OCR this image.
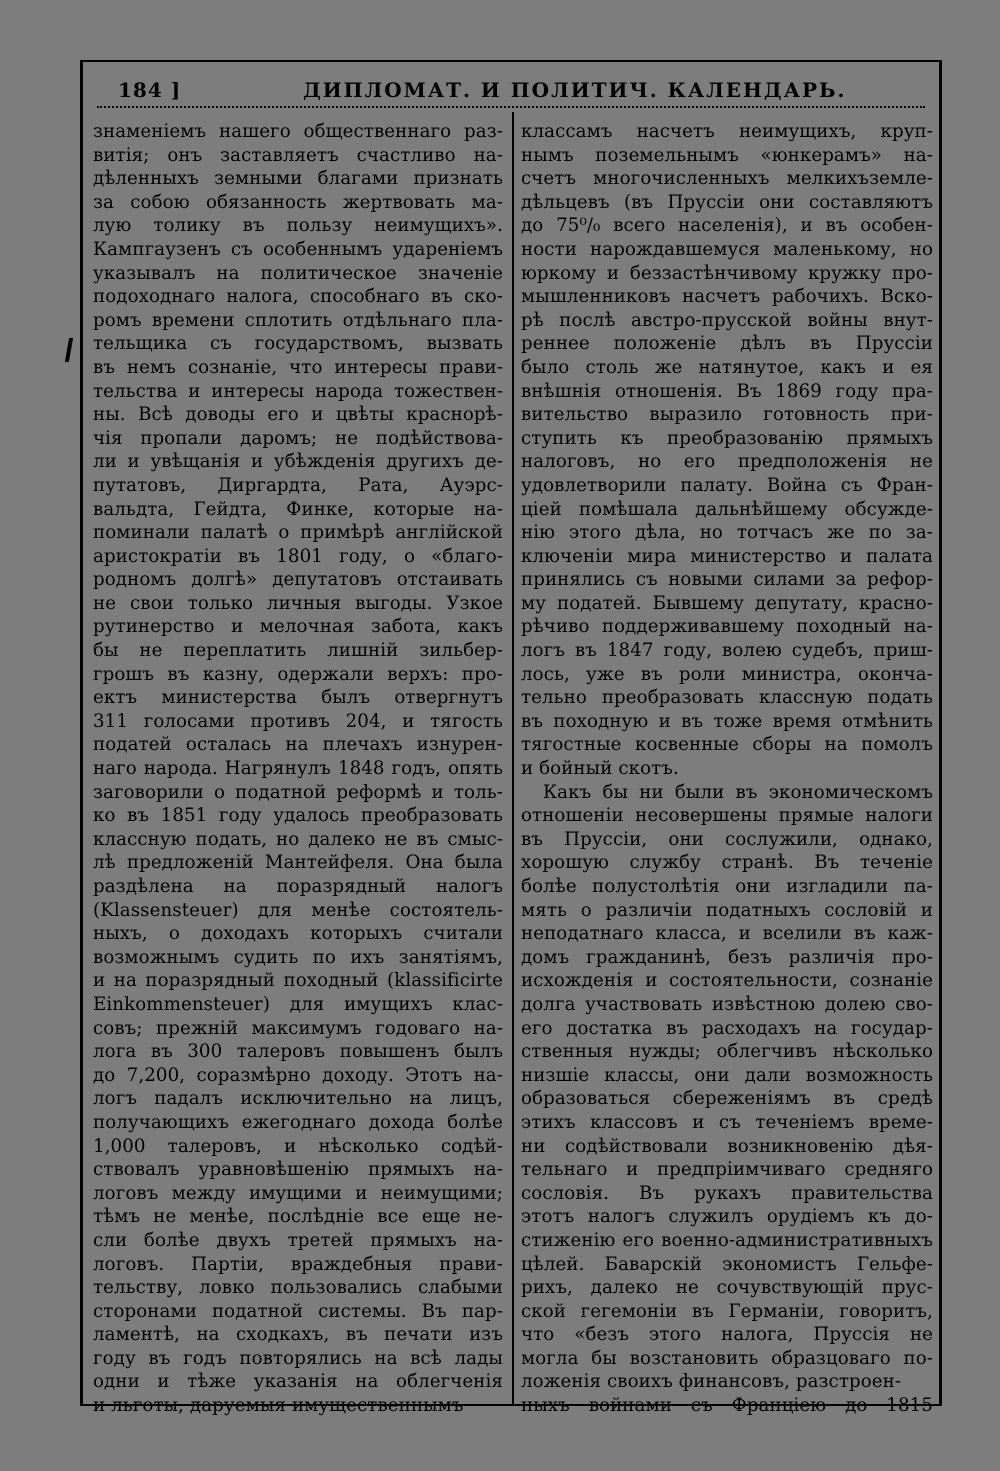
184 ]	ДИПЛОМАТ. И ПОЛИТИЧ. КАЛЕНДАРЬ.
знаменіемъ нашего общественнаго раз-
витія; онъ заставляетъ счастливо на-
дѣленныхъ земными благами признать
за собою обязанность жертвовать ма-
лую толику въ пользу неимущихъ».
Кампгаузенъ съ особеннымъ удареніемъ
указывалъ на политическое значеніе
подоходнаго налога, способнаго въ ско-
ромъ времени сплотить отдѣльнаго пла-
тельщика съ государствомъ, вызвать
въ немъ сознаніе, что интересы прави-
тельства и интересы народа тожествен-
ны. Всѣ доводы его и цвѣты краснорѣ-
чія пропали даромъ; не подѣйствова-
ли и увѣщанія и убѣжденія другихъ де-
путатовъ, Диргардта, Рата, Ауэрс-
вальдта, Гейдта, Финке, которые на-
поминали палатѣ о примѣрѣ англійской
аристократіи въ 1801 году, о «благо-
родномъ долгѣ» депутатовъ отстаивать
не свои только личныя выгоды. Узкое
рутинерство и мелочная забота, какъ
бы не переплатить лишній зильбер-
грошъ въ казну, одержали верхъ: про-
ектъ министерства былъ отвергнутъ
311 голосами противъ 204, и тягость
податей осталась на плечахъ изнурен-
наго народа. Нагрянулъ 1848 годъ, опять
заговорили о податной реформѣ и толь-
ко въ 1851 году удалось преобразовать
классную подать, но далеко не въ смыс-
лѣ предложеній Мантейфеля. Она была
раздѣлена на поразрядный налогъ
(Klassensteuer) для менѣе состоятель-
ныхъ, о доходахъ которыхъ считали
возможнымъ судить по ихъ занятіямъ,
и на поразрядный походный (klassificirte
Einkommensteuer) для имущихъ клас-
совъ; прежній максимумъ годоваго на-
лога въ 300 талеровъ повышенъ былъ
до 7,200, соразмѣрно доходу. Этотъ на-
логъ падалъ исключительно на лицъ,
получающихъ ежегоднаго дохода болѣе
1,000 талеровъ, и нѣсколько содѣй-
ствовалъ уравновѣшенію прямыхъ на-
логовъ между имущими и неимущими;
тѣмъ не менѣе, послѣдніе все еще не-
сли болѣе двухъ третей прямыхъ на-
логовъ. Партіи, враждебныя прави-
тельству, ловко пользовались слабыми
сторонами податной системы. Въ пар-
ламентѣ, на сходкахъ, въ печати изъ
году въ годъ повторялись на всѣ лады
одни и тѣже указанія на облегченія
и льготы, даруемыя имущественнымъ
классамъ насчетъ неимущихъ, круп-
нымъ поземельнымъ «юнкерамъ» на-
счетъ многочисленныхъ мелкихъземле-
дѣльцевъ (въ Пруссіи они составляютъ
до 75⁰/₀ всего населенія), и въ особен-
ности нарождавшемуся маленькому, но
юркому и беззастѣнчивому кружку про-
мышленниковъ насчетъ рабочихъ. Вско-
рѣ послѣ австро-прусской войны внут-
реннее положеніе дѣлъ въ Пруссіи
было столь же натянутое, какъ и ея
внѣшнія отношенія. Въ 1869 году пра-
вительство выразило готовность при-
ступить къ преобразованію прямыхъ
налоговъ, но его предположенія не
удовлетворили палату. Война съ Фран-
ціей помѣшала дальнѣйшему обсужде-
нію этого дѣла, но тотчасъ же по за-
ключеніи мира министерство и палата
принялись съ новыми силами за рефор-
му податей. Бывшему депутату, красно-
рѣчиво поддерживавшему походный на-
логъ въ 1847 году, волею судебъ, приш-
лось, уже въ роли министра, оконча-
тельно преобразовать классную подать
въ походную и въ тоже время отмѣнить
тягостные косвенные сборы на помолъ
и бойный скотъ.
Какъ бы ни были въ экономическомъ
отношеніи несовершены прямые налоги
въ Пруссіи, они сослужили, однако,
хорошую службу странѣ. Въ теченіе
болѣе полустолѣтія они изгладили па-
мять о различіи податныхъ сословій и
неподатнаго класса, и вселили въ каж-
домъ гражданинѣ, безъ различія про-
исхожденія и состоятельности, сознаніе
долга участвовать извѣстною долею сво-
его достатка въ расходахъ на государ-
ственныя нужды; облегчивъ нѣсколько
низшіе классы, они дали возможность
образоваться сбереженіямъ въ средѣ
этихъ классовъ и съ теченіемъ време-
ни содѣйствовали возникновенію дѣя-
тельнаго и предпріимчиваго средняго
сословія. Въ рукахъ правительства
этотъ налогъ служилъ орудіемъ къ до-
стиженію его военно-административныхъ
цѣлей. Баварскій экономистъ Гельфе-
рихъ, далеко не сочувствующій прус-
ской гегемоніи въ Германіи, говоритъ,
что «безъ этого налога, Пруссія не
могла бы возстановить образцоваго по-
ложенія своихъ финансовъ, разстроен-
ныхъ войнами съ Франціею до 1815
